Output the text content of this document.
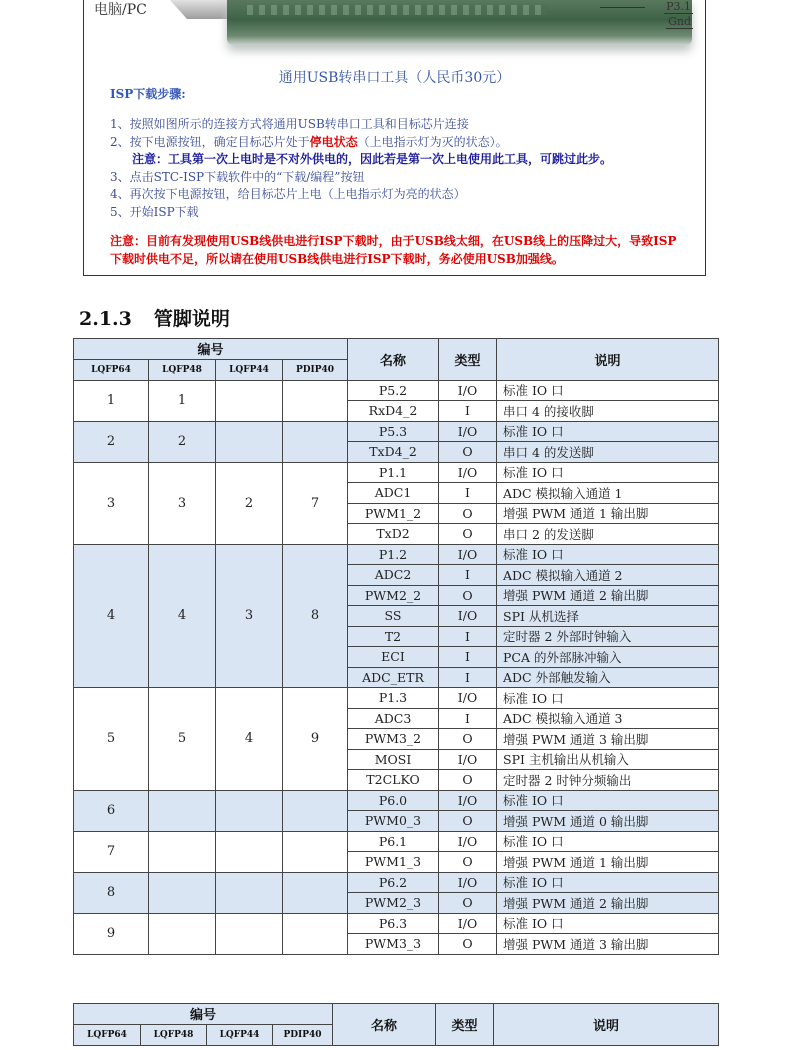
电脑/PC	P3.1
Gnd
通用USB转串口工具（人民币30元）
ISP下载步骤:
1、按照如图所示的连接方式将通用USB转串口工具和目标芯片连接
2、按下电源按钮，确定目标芯片处于停电状态（上电指示灯为灭的状态）。
注意：工具第一次上电时是不对外供电的，因此若是第一次上电使用此工具，可跳过此步。
3、点击STC-ISP下载软件中的“下载/编程”按钮
4、再次按下电源按钮，给目标芯片上电（上电指示灯为亮的状态）
5、开始ISP下载
注意：目前有发现使用USB线供电进行ISP下载时，由于USB线太细，在USB线上的压降过大，导致ISP
下载时供电不足，所以请在使用USB线供电进行ISP下载时，务必使用USB加强线。
2.1.3 管脚说明
编号				名称	类型	说明
LQFP64	LQFP48	LQFP44	PDIP40			
1	1			P5.2	I/O	标准 IO 口
				RxD4_2	I	串口 4 的接收脚
2	2			P5.3	I/O	标准 IO 口
				TxD4_2	O	串口 4 的发送脚
3	3	2	7	P1.1	I/O	标准 IO 口
				ADC1	I	ADC 模拟输入通道 1
				PWM1_2	O	增强 PWM 通道 1 输出脚
				TxD2	O	串口 2 的发送脚
4	4	3	8	P1.2	I/O	标准 IO 口
				ADC2	I	ADC 模拟输入通道 2
				PWM2_2	O	增强 PWM 通道 2 输出脚
				SS	I/O	SPI 从机选择
				T2	I	定时器 2 外部时钟输入
				ECI	I	PCA 的外部脉冲输入
				ADC_ETR	I	ADC 外部触发输入
5	5	4	9	P1.3	I/O	标准 IO 口
				ADC3	I	ADC 模拟输入通道 3
				PWM3_2	O	增强 PWM 通道 3 输出脚
				MOSI	I/O	SPI 主机输出从机输入
				T2CLKO	O	定时器 2 时钟分频输出
6				P6.0	I/O	标准 IO 口
				PWM0_3	O	增强 PWM 通道 0 输出脚
7				P6.1	I/O	标准 IO 口
				PWM1_3	O	增强 PWM 通道 1 输出脚
8				P6.2	I/O	标准 IO 口
				PWM2_3	O	增强 PWM 通道 2 输出脚
9				P6.3	I/O	标准 IO 口
				PWM3_3	O	增强 PWM 通道 3 输出脚
编号				名称	类型	说明
LQFP64	LQFP48	LQFP44	PDIP40			
